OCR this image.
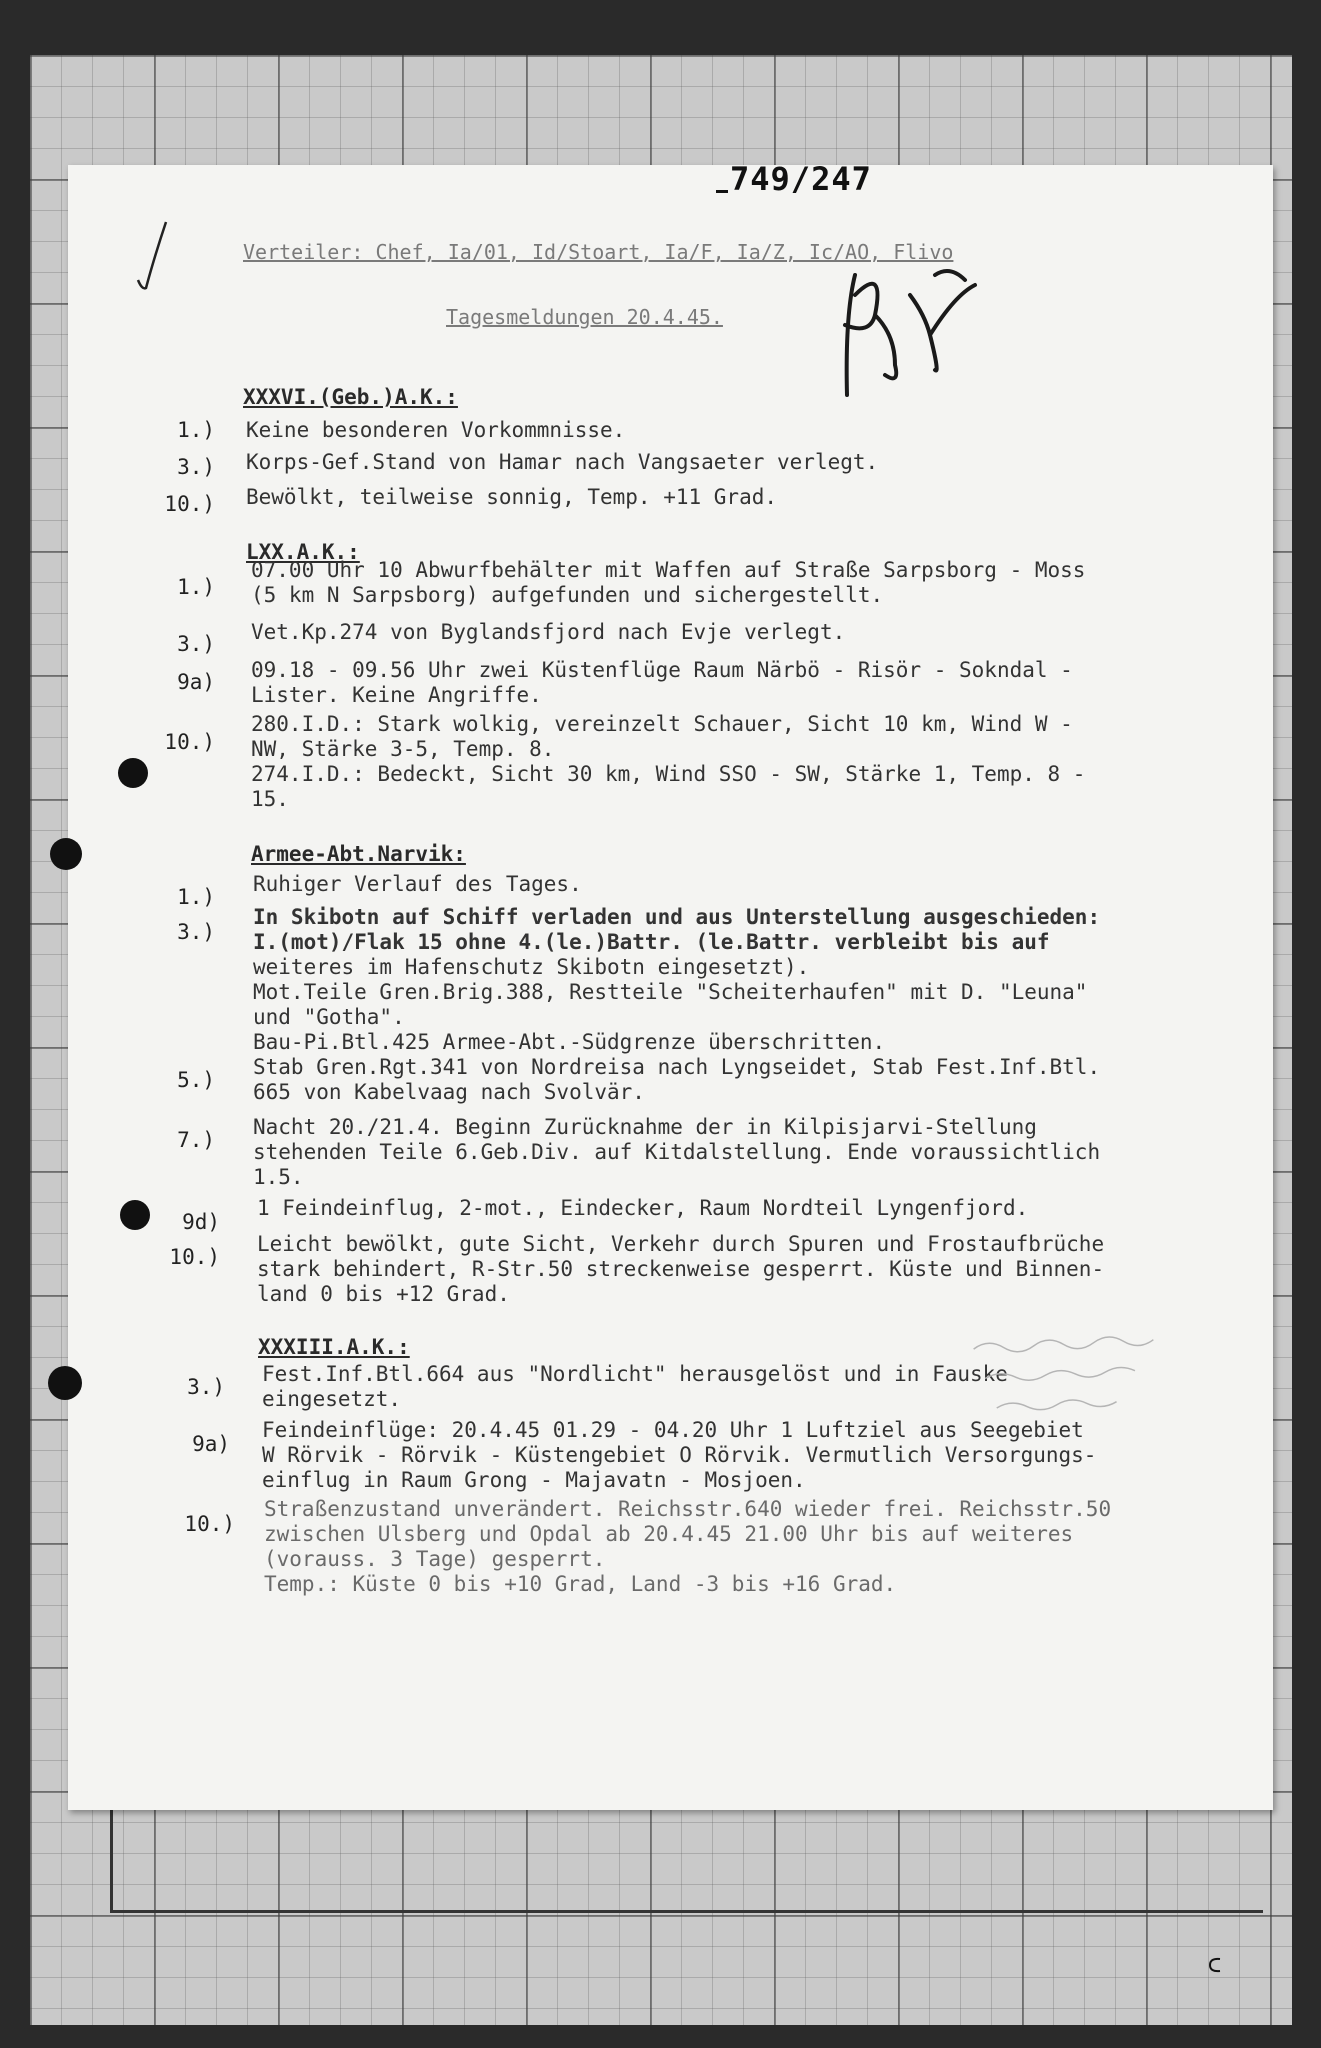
749/247
Verteiler: Chef, Ia/01, Id/Stoart, Ia/F, Ia/Z, Ic/AO, Flivo
Tagesmeldungen 20.4.45.
XXXVI.(Geb.)A.K.:
1.) Keine besonderen Vorkommnisse.
3.) Korps-Gef.Stand von Hamar nach Vangsaeter verlegt.
10.) Bewölkt, teilweise sonnig, Temp. +11 Grad.
LXX.A.K.:
1.)
07.00 Uhr 10 Abwurfbehälter mit Waffen auf Straße Sarpsborg - Moss
(5 km N Sarpsborg) aufgefunden und sichergestellt.
3.) Vet.Kp.274 von Byglandsfjord nach Evje verlegt.
9a) 09.18 - 09.56 Uhr zwei Küstenflüge Raum Närbö - Risör - Sokndal -
Lister. Keine Angriffe.
10.)
280.I.D.: Stark wolkig, vereinzelt Schauer, Sicht 10 km, Wind W -
NW, Stärke 3-5, Temp. 8.
274.I.D.: Bedeckt, Sicht 30 km, Wind SSO - SW, Stärke 1, Temp. 8 -
15.
Armee-Abt.Narvik:
1.)
Ruhiger Verlauf des Tages.
3.)
In Skibotn auf Schiff verladen und aus Unterstellung ausgeschieden:
I.(mot)/Flak 15 ohne 4.(le.)Battr. (le.Battr. verbleibt bis auf
weiteres im Hafenschutz Skibotn eingesetzt).
Mot.Teile Gren.Brig.388, Restteile "Scheiterhaufen" mit D. "Leuna"
und "Gotha".
Bau-Pi.Btl.425 Armee-Abt.-Südgrenze überschritten.
5.)
Stab Gren.Rgt.341 von Nordreisa nach Lyngseidet, Stab Fest.Inf.Btl.
665 von Kabelvaag nach Svolvär.
7.)
Nacht 20./21.4. Beginn Zurücknahme der in Kilpisjarvi-Stellung
stehenden Teile 6.Geb.Div. auf Kitdalstellung. Ende voraussichtlich
1.5.
9d)
1 Feindeinflug, 2-mot., Eindecker, Raum Nordteil Lyngenfjord.
10.)
Leicht bewölkt, gute Sicht, Verkehr durch Spuren und Frostaufbrüche
stark behindert, R-Str.50 streckenweise gesperrt. Küste und Binnen-
land 0 bis +12 Grad.
XXXIII.A.K.:
3.)
Fest.Inf.Btl.664 aus "Nordlicht" herausgelöst und in Fauske
eingesetzt.
9a)
Feindeinflüge: 20.4.45 01.29 - 04.20 Uhr 1 Luftziel aus Seegebiet
W Rörvik - Rörvik - Küstengebiet O Rörvik. Vermutlich Versorgungs-
einflug in Raum Grong - Majavatn - Mosjoen.
10.)
Straßenzustand unverändert. Reichsstr.640 wieder frei. Reichsstr.50
zwischen Ulsberg und Opdal ab 20.4.45 21.00 Uhr bis auf weiteres
(vorauss. 3 Tage) gesperrt.
Temp.: Küste 0 bis +10 Grad, Land -3 bis +16 Grad.
